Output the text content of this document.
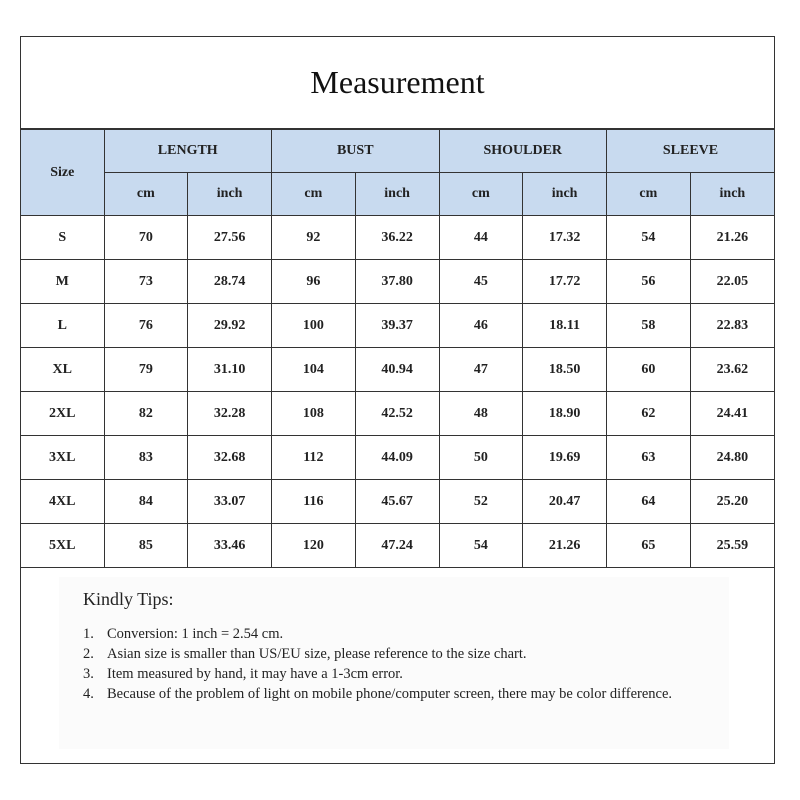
Measurement
Size	LENGTH		BUST		SHOULDER		SLEEVE	
	cm	inch	cm	inch	cm	inch	cm	inch
S	70	27.56	92	36.22	44	17.32	54	21.26
M	73	28.74	96	37.80	45	17.72	56	22.05
L	76	29.92	100	39.37	46	18.11	58	22.83
XL	79	31.10	104	40.94	47	18.50	60	23.62
2XL	82	32.28	108	42.52	48	18.90	62	24.41
3XL	83	32.68	112	44.09	50	19.69	63	24.80
4XL	84	33.07	116	45.67	52	20.47	64	25.20
5XL	85	33.46	120	47.24	54	21.26	65	25.59
Kindly Tips:
1. Conversion: 1 inch = 2.54 cm.
2. Asian size is smaller than US/EU size, please reference to the size chart.
3. Item measured by hand, it may have a 1-3cm error.
4. Because of the problem of light on mobile phone/computer screen, there may be color difference.
